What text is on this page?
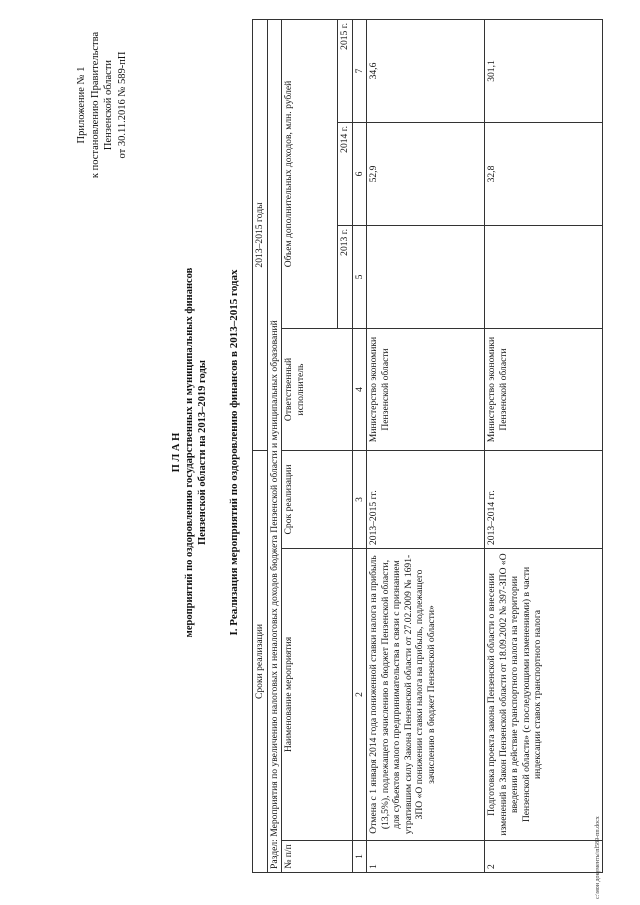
Приложение № 1 к постановлению Правительства Пензенской области от 30.11.2016 № 589-пП
П Л А Н мероприятий по оздоровлению государственных и муниципальных финансов Пензенской области на 2013–2019 годы I. Реализация мероприятий по оздоровлению финансов в 2013–2015 годах
Сроки реализации			2013–2015 годы			
Раздел: Мероприятия по увеличению налоговых и неналоговых доходов бюджета Пензенской области и муниципальных образований						
№ п/п	Наименование мероприятия	Срок реализации	Ответственный исполнитель	Объем дополнительных доходов, млн. рублей		
				2013 г.	2014 г.	2015 г.
1	2	3	4	5	6	7
1	Отмена с 1 января 2014 года пониженной ставки налога на прибыль (13,5%), подлежащего зачислению в бюджет Пензенской области, для субъектов малого предпринимательства в связи с признанием утратившим силу Закона Пензенской области от 27.02.2009 № 1691-ЗПО «О понижении ставки налога на прибыль, подлежащего зачислению в бюджет Пензенской области»	2013–2015 гг.	Министерство экономики Пензенской области		52,9	34,6
2	Подготовка проекта закона Пензенской области о внесении изменений в Закон Пензенской области от 18.09.2002 № 397-ЗПО «О введении в действие транспортного налога на территории Пензенской области» (с последующими изменениями) в части индексации ставок транспортного налога	2013–2014 гг.	Министерство экономики Пензенской области		32,8	301,1
c:\мои документы\пl589-пп.docx
